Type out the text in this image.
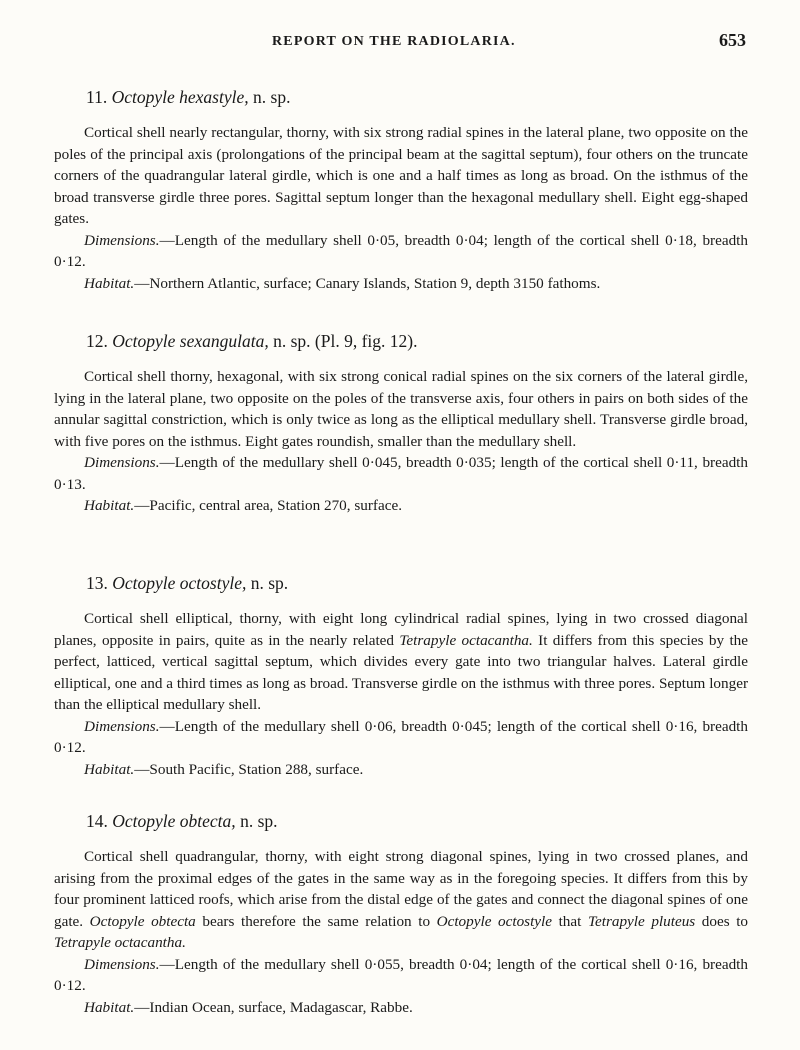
REPORT ON THE RADIOLARIA.	653

11. Octopyle hexastyle, n. sp.

Cortical shell nearly rectangular, thorny, with six strong radial spines in the lateral plane, two opposite on the poles of the principal axis (prolongations of the principal beam at the sagittal septum), four others on the truncate corners of the quadrangular lateral girdle, which is one and a half times as long as broad. On the isthmus of the broad transverse girdle three pores. Sagittal septum longer than the hexagonal medullary shell. Eight egg-shaped gates.

Dimensions.—Length of the medullary shell 0·05, breadth 0·04; length of the cortical shell 0·18, breadth 0·12.

Habitat.—Northern Atlantic, surface; Canary Islands, Station 9, depth 3150 fathoms.

12. Octopyle sexangulata, n. sp. (Pl. 9, fig. 12).

Cortical shell thorny, hexagonal, with six strong conical radial spines on the six corners of the lateral girdle, lying in the lateral plane, two opposite on the poles of the transverse axis, four others in pairs on both sides of the annular sagittal constriction, which is only twice as long as the elliptical medullary shell. Transverse girdle broad, with five pores on the isthmus. Eight gates roundish, smaller than the medullary shell.

Dimensions.—Length of the medullary shell 0·045, breadth 0·035; length of the cortical shell 0·11, breadth 0·13.

Habitat.—Pacific, central area, Station 270, surface.

13. Octopyle octostyle, n. sp.

Cortical shell elliptical, thorny, with eight long cylindrical radial spines, lying in two crossed diagonal planes, opposite in pairs, quite as in the nearly related Tetrapyle octacantha. It differs from this species by the perfect, latticed, vertical sagittal septum, which divides every gate into two triangular halves. Lateral girdle elliptical, one and a third times as long as broad. Transverse girdle on the isthmus with three pores. Septum longer than the elliptical medullary shell.

Dimensions.—Length of the medullary shell 0·06, breadth 0·045; length of the cortical shell 0·16, breadth 0·12.

Habitat.—South Pacific, Station 288, surface.

14. Octopyle obtecta, n. sp.

Cortical shell quadrangular, thorny, with eight strong diagonal spines, lying in two crossed planes, and arising from the proximal edges of the gates in the same way as in the foregoing species. It differs from this by four prominent latticed roofs, which arise from the distal edge of the gates and connect the diagonal spines of one gate. Octopyle obtecta bears therefore the same relation to Octopyle octostyle that Tetrapyle pluteus does to Tetrapyle octacantha.

Dimensions.—Length of the medullary shell 0·055, breadth 0·04; length of the cortical shell 0·16, breadth 0·12.

Habitat.—Indian Ocean, surface, Madagascar, Rabbe.
